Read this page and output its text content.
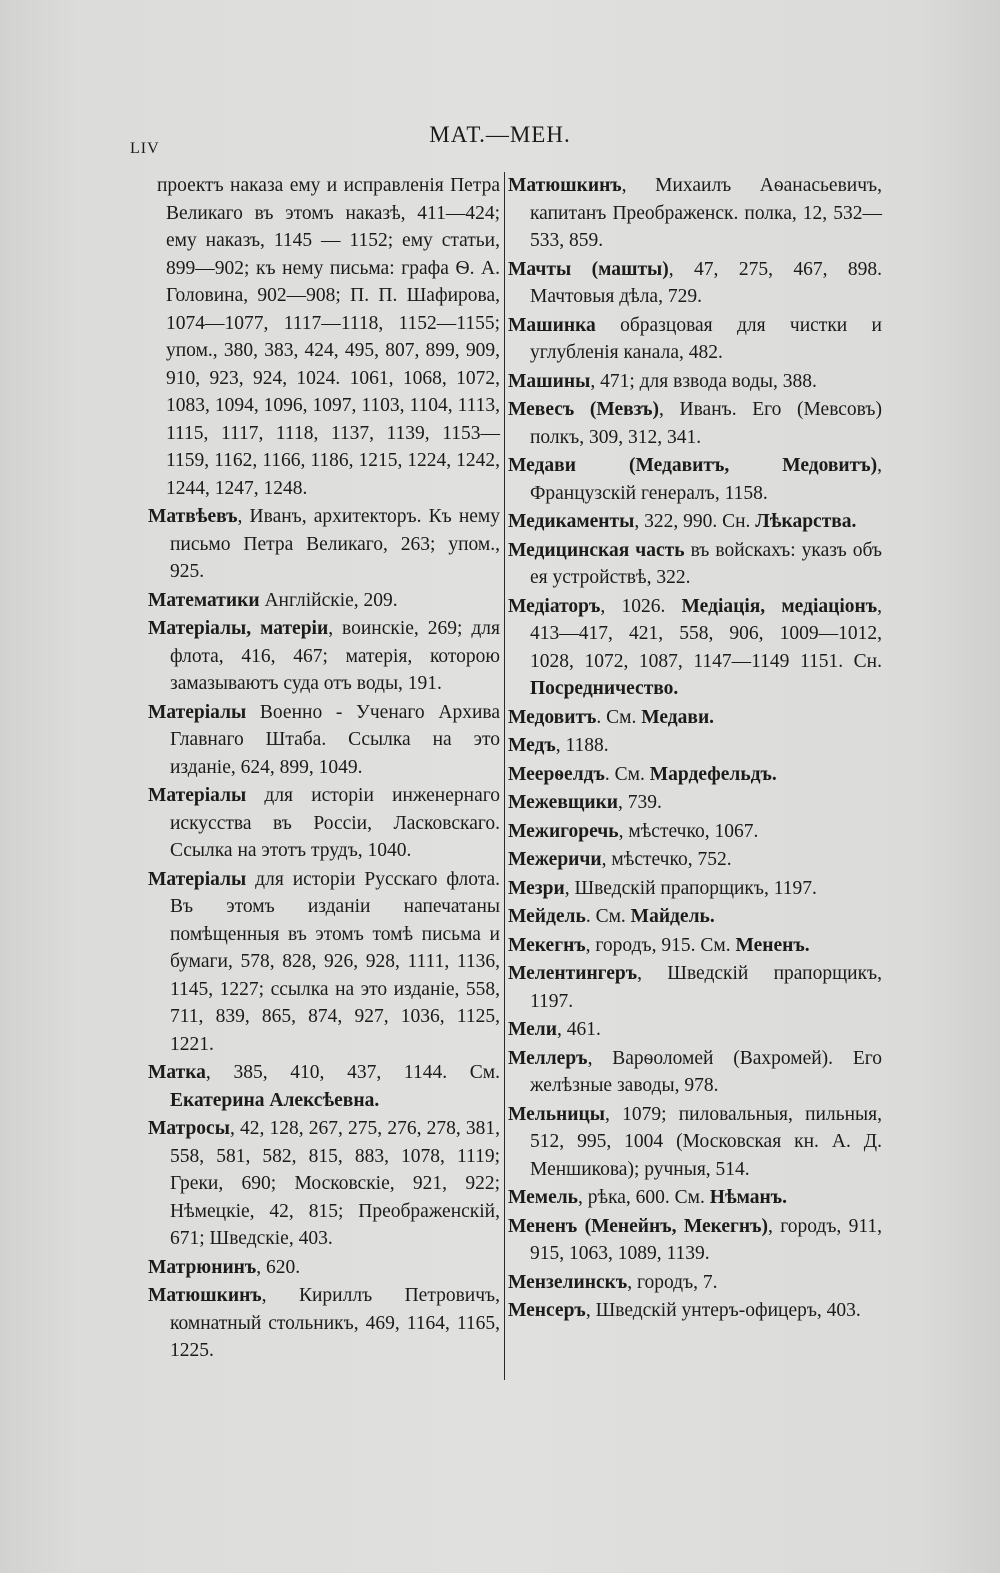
LIV
МАТ.—МЕН.
проектъ наказа ему и исправленія Петра Великаго въ этомъ наказѣ, 411—424; ему наказъ, 1145 — 1152; ему статьи, 899—902; къ нему письма: графа Ѳ. А. Головина, 902—908; П. П. Шафирова, 1074—1077, 1117—1118, 1152—1155; упом., 380, 383, 424, 495, 807, 899, 909, 910, 923, 924, 1024. 1061, 1068, 1072, 1083, 1094, 1096, 1097, 1103, 1104, 1113, 1115, 1117, 1118, 1137, 1139, 1153—1159, 1162, 1166, 1186, 1215, 1224, 1242, 1244, 1247, 1248.
Матвѣевъ, Иванъ, архитекторъ. Къ нему письмо Петра Великаго, 263; упом., 925.
Математики Англійскіе, 209.
Матеріалы, матеріи, воинскіе, 269; для флота, 416, 467; матерія, которою замазываютъ суда отъ воды, 191.
Матеріалы Военно - Ученаго Архива Главнаго Штаба. Ссылка на это изданіе, 624, 899, 1049.
Матеріалы для исторіи инженернаго искусства въ Россіи, Ласковскаго. Ссылка на этотъ трудъ, 1040.
Матеріалы для исторіи Русскаго флота. Въ этомъ изданіи напечатаны помѣщенныя въ этомъ томѣ письма и бумаги, 578, 828, 926, 928, 1111, 1136, 1145, 1227; ссылка на это изданіе, 558, 711, 839, 865, 874, 927, 1036, 1125, 1221.
Матка, 385, 410, 437, 1144. См. Екатерина Алексѣевна.
Матросы, 42, 128, 267, 275, 276, 278, 381, 558, 581, 582, 815, 883, 1078, 1119; Греки, 690; Московскіе, 921, 922; Нѣмецкіе, 42, 815; Преображенскій, 671; Шведскіе, 403.
Матрюнинъ, 620.
Матюшкинъ, Кириллъ Петровичъ, комнатный стольникъ, 469, 1164, 1165, 1225.
Матюшкинъ, Михаилъ Аѳанасьевичъ, капитанъ Преображенск. полка, 12, 532—533, 859.
Мачты (машты), 47, 275, 467, 898. Мачтовыя дѣла, 729.
Машинка образцовая для чистки и углубленія канала, 482.
Машины, 471; для взвода воды, 388.
Мевесъ (Мевзъ), Иванъ. Его (Мевсовъ) полкъ, 309, 312, 341.
Медави (Медавитъ, Медовитъ), Французскій генералъ, 1158.
Медикаменты, 322, 990. Сн. Лѣкарства.
Медицинская часть въ войскахъ: указъ объ ея устройствѣ, 322.
Медіаторъ, 1026. Медіація, медіаціонъ, 413—417, 421, 558, 906, 1009—1012, 1028, 1072, 1087, 1147—1149 1151. Сн. Посредничество.
Медовитъ. См. Медави.
Медъ, 1188.
Меерѳелдъ. См. Мардефельдъ.
Межевщики, 739.
Межигоречь, мѣстечко, 1067.
Межеричи, мѣстечко, 752.
Мезри, Шведскій прапорщикъ, 1197.
Мейдель. См. Майдель.
Мекегнъ, городъ, 915. См. Мененъ.
Мелентингеръ, Шведскій прапорщикъ, 1197.
Мели, 461.
Меллеръ, Варѳоломей (Вахромей). Его желѣзные заводы, 978.
Мельницы, 1079; пиловальныя, пильныя, 512, 995, 1004 (Московская кн. А. Д. Меншикова); ручныя, 514.
Мемель, рѣка, 600. См. Нѣманъ.
Мененъ (Менейнъ, Мекегнъ), городъ, 911, 915, 1063, 1089, 1139.
Мензелинскъ, городъ, 7.
Менсеръ, Шведскій унтеръ-офицеръ, 403.
